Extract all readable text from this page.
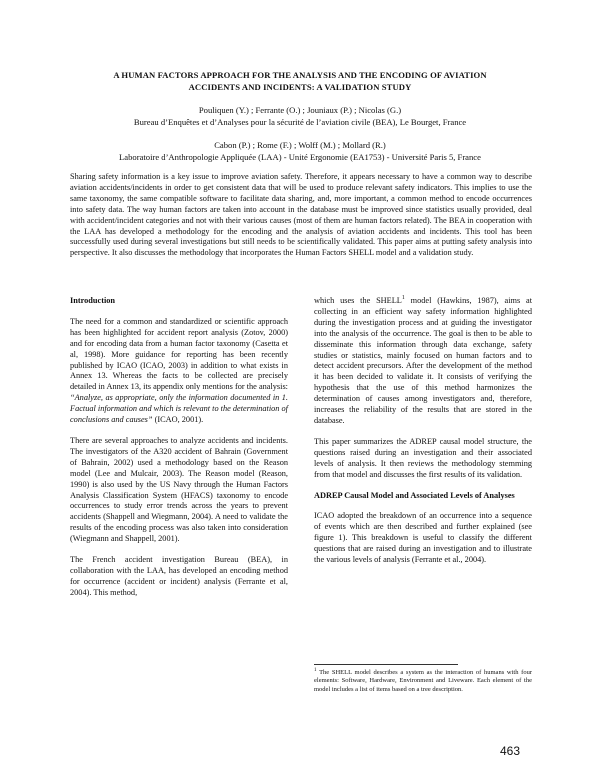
A HUMAN FACTORS APPROACH FOR THE ANALYSIS AND THE ENCODING OF AVIATION
ACCIDENTS AND INCIDENTS: A VALIDATION STUDY
Pouliquen (Y.) ; Ferrante (O.) ; Jouniaux (P.) ; Nicolas (G.)
Bureau d’Enquêtes et d’Analyses pour la sécurité de l’aviation civile (BEA), Le Bourget, France
Cabon (P.) ; Rome (F.) ; Wolff (M.) ; Mollard (R.)
Laboratoire d’Anthropologie Appliquée (LAA) - Unité Ergonomie (EA1753) - Université Paris 5, France
Sharing safety information is a key issue to improve aviation safety. Therefore, it appears necessary to have a common way to describe aviation accidents/incidents in order to get consistent data that will be used to produce relevant safety indicators. This implies to use the same taxonomy, the same compatible software to facilitate data sharing, and, more important, a common method to encode occurrences into safety data. The way human factors are taken into account in the database must be improved since statistics usually provided, deal with accident/incident categories and not with their various causes (most of them are human factors related). The BEA in cooperation with the LAA has developed a methodology for the encoding and the analysis of aviation accidents and incidents. This tool has been successfully used during several investigations but still needs to be scientifically validated. This paper aims at putting safety analysis into perspective. It also discusses the methodology that incorporates the Human Factors SHELL model and a validation study.

Introduction

The need for a common and standardized or scientific approach has been highlighted for accident report analysis (Zotov, 2000) and for encoding data from a human factor taxonomy (Casetta et al, 1998). More guidance for reporting has been recently published by ICAO (ICAO, 2003) in addition to what exists in Annex 13. Whereas the facts to be collected are precisely detailed in Annex 13, its appendix only mentions for the analysis: “Analyze, as appropriate, only the information documented in 1. Factual information and which is relevant to the determination of conclusions and causes” (ICAO, 2001).

There are several approaches to analyze accidents and incidents. The investigators of the A320 accident of Bahrain (Government of Bahrain, 2002) used a methodology based on the Reason model (Lee and Mulcair, 2003). The Reason model (Reason, 1990) is also used by the US Navy through the Human Factors Analysis Classification System (HFACS) taxonomy to encode occurrences to study error trends across the years to prevent accidents (Shappell and Wiegmann, 2004). A need to validate the results of the encoding process was also taken into consideration (Wiegmann and Shappell, 2001).

The French accident investigation Bureau (BEA), in collaboration with the LAA, has developed an encoding method for occurrence (accident or incident) analysis (Ferrante et al, 2004). This method,

which uses the SHELL$^1$ model (Hawkins, 1987), aims at collecting in an efficient way safety information highlighted during the investigation process and at guiding the investigator into the analysis of the occurrence. The goal is then to be able to disseminate this information through data exchange, safety studies or statistics, mainly focused on human factors and to detect accident precursors. After the development of the method it has been decided to validate it. It consists of verifying the hypothesis that the use of this method harmonizes the determination of causes among investigators and, therefore, increases the reliability of the results that are stored in the database.

This paper summarizes the ADREP causal model structure, the questions raised during an investigation and their associated levels of analysis. It then reviews the methodology stemming from that model and discusses the first results of its validation.

ADREP Causal Model and Associated Levels of Analyses

ICAO adopted the breakdown of an occurrence into a sequence of events which are then described and further explained (see figure 1). This breakdown is useful to classify the different questions that are raised during an investigation and to illustrate the various levels of analysis (Ferrante et al., 2004).

$^1$ The SHELL model describes a system as the interaction of humans with four elements: Software, Hardware, Environment and Liveware. Each element of the model includes a list of items based on a tree description.
463
